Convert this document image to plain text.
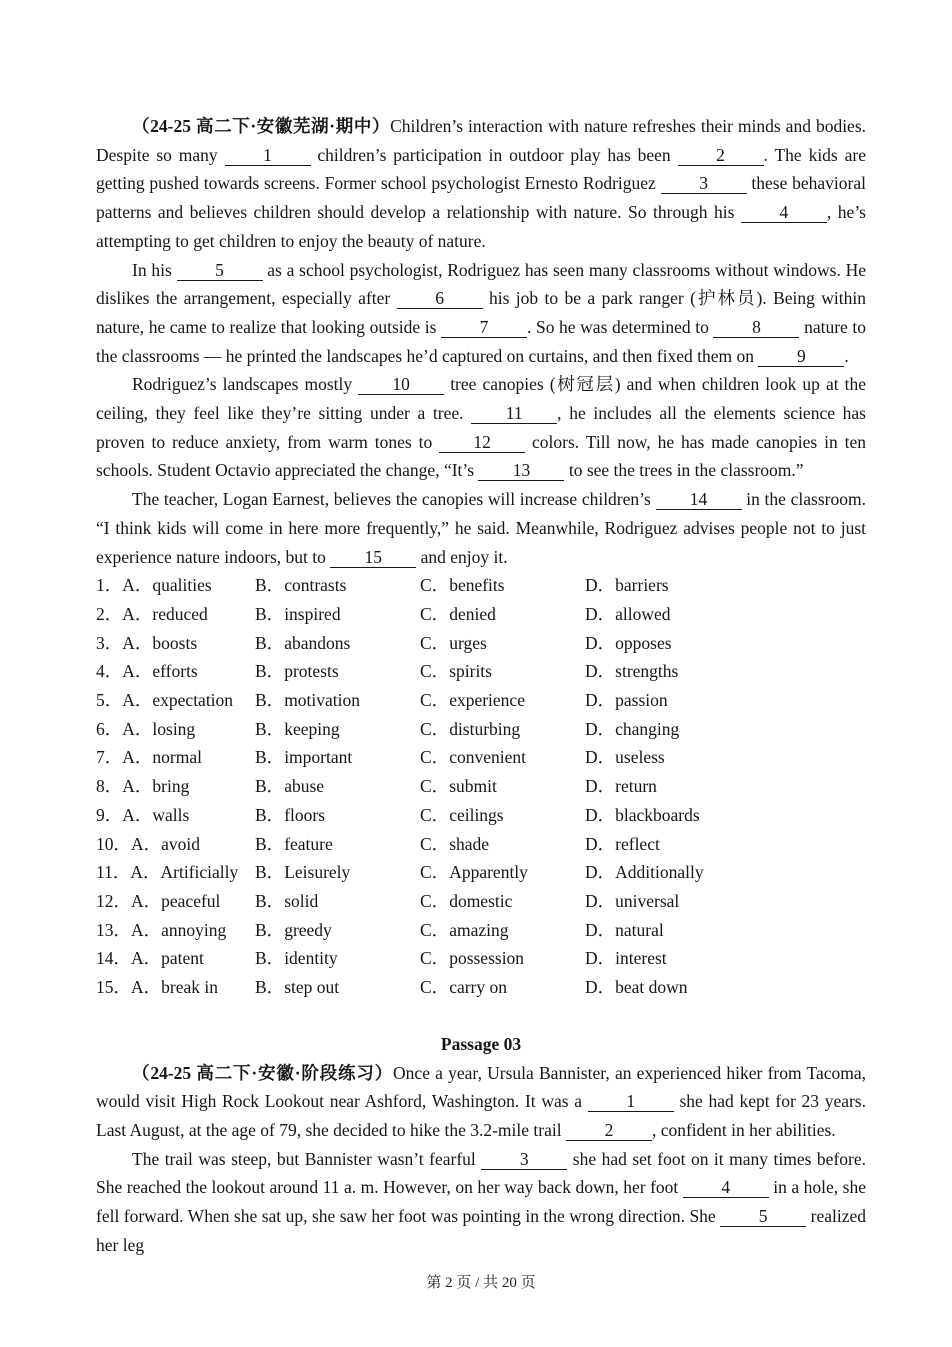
（24-25 高二下·安徽芜湖·期中）Children’s interaction with nature refreshes their minds and bodies. Despite so many 1 children’s participation in outdoor play has been 2 . The kids are getting pushed towards screens. Former school psychologist Ernesto Rodriguez 3 these behavioral patterns and believes children should develop a relationship with nature. So through his 4 , he’s attempting to get children to enjoy the beauty of nature.

In his 5 as a school psychologist, Rodriguez has seen many classrooms without windows. He dislikes the arrangement, especially after 6 his job to be a park ranger (护林员). Being within nature, he came to realize that looking outside is 7 . So he was determined to 8 nature to the classrooms — he printed the landscapes he’d captured on curtains, and then fixed them on 9 .

Rodriguez’s landscapes mostly 10 tree canopies (树冠层) and when children look up at the ceiling, they feel like they’re sitting under a tree. 11 , he includes all the elements science has proven to reduce anxiety, from warm tones to 12 colors. Till now, he has made canopies in ten schools. Student Octavio appreciated the change, “It’s 13 to see the trees in the classroom.”

The teacher, Logan Earnest, believes the canopies will increase children’s 14 in the classroom. “I think kids will come in here more frequently,” he said. Meanwhile, Rodriguez advises people not to just experience nature indoors, but to 15 and enjoy it.

1．A．qualities	B．contrasts	C．benefits	D．barriers
2．A．reduced	B．inspired	C．denied	D．allowed
3．A．boosts	B．abandons	C．urges	D．opposes
4．A．efforts	B．protests	C．spirits	D．strengths
5．A．expectation	B．motivation	C．experience	D．passion
6．A．losing	B．keeping	C．disturbing	D．changing
7．A．normal	B．important	C．convenient	D．useless
8．A．bring	B．abuse	C．submit	D．return
9．A．walls	B．floors	C．ceilings	D．blackboards
10．A．avoid	B．feature	C．shade	D．reflect
11．A．Artificially B．Leisurely	C．Apparently	D．Additionally
12．A．peaceful	B．solid	C．domestic	D．universal
13．A．annoying	B．greedy	C．amazing	D．natural
14．A．patent	B．identity	C．possession	D．interest
15．A．break in	B．step out	C．carry on	D．beat down
Passage 03

（24-25 高二下·安徽·阶段练习）Once a year, Ursula Bannister, an experienced hiker from Tacoma, would visit High Rock Lookout near Ashford, Washington. It was a 1 she had kept for 23 years. Last August, at the age of 79, she decided to hike the 3.2-mile trail 2 , confident in her abilities.

The trail was steep, but Bannister wasn’t fearful 3 she had set foot on it many times before. She reached the lookout around 11 a. m. However, on her way back down, her foot 4 in a hole, she fell forward. When she sat up, she saw her foot was pointing in the wrong direction. She 5 realized her leg

第 2 页 / 共 20 页
